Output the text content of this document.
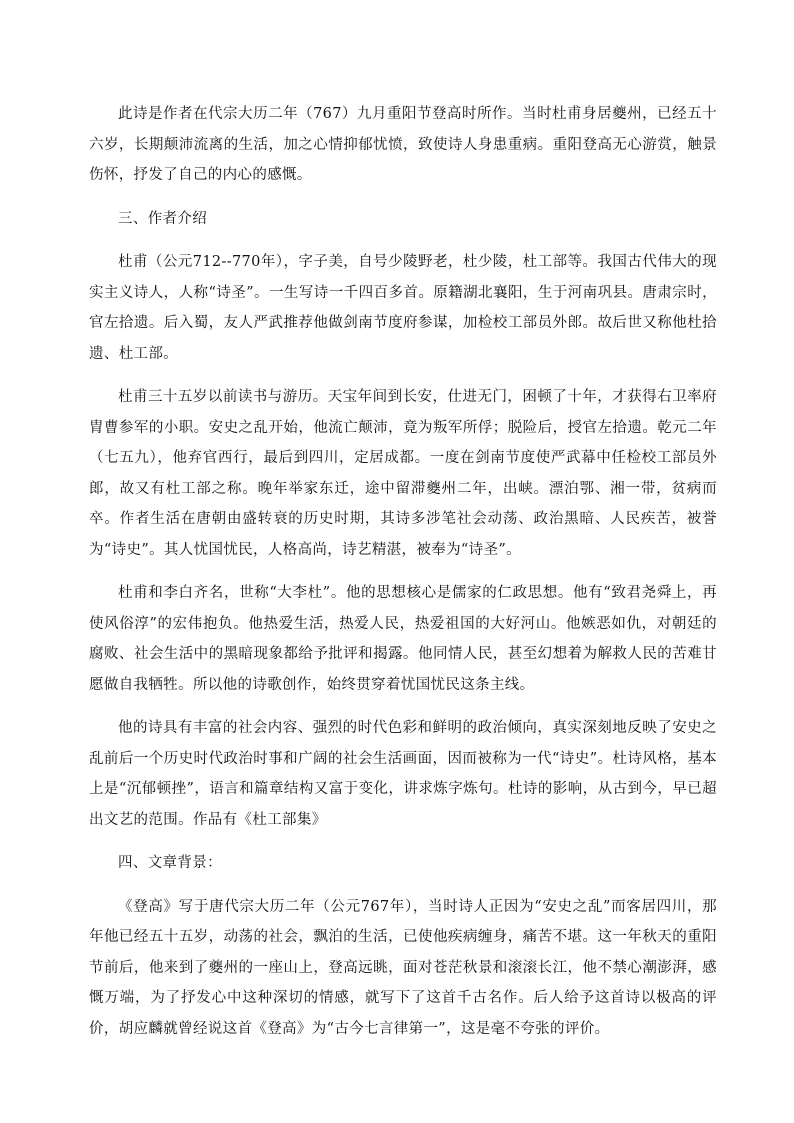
此诗是作者在代宗大历二年（767）九月重阳节登高时所作。当时杜甫身居夔州，已经五十六岁，长期颠沛流离的生活，加之心情抑郁忧愤，致使诗人身患重病。重阳登高无心游赏，触景伤怀，抒发了自己的内心的感慨。

三、作者介绍

杜甫（公元712--770年），字子美，自号少陵野老，杜少陵，杜工部等。我国古代伟大的现实主义诗人，人称“诗圣”。一生写诗一千四百多首。原籍湖北襄阳，生于河南巩县。唐肃宗时，官左拾遗。后入蜀，友人严武推荐他做剑南节度府参谋，加检校工部员外郎。故后世又称他杜拾遗、杜工部。

杜甫三十五岁以前读书与游历。天宝年间到长安，仕进无门，困顿了十年，才获得右卫率府胄曹参军的小职。安史之乱开始，他流亡颠沛，竟为叛军所俘；脱险后，授官左拾遗。乾元二年（七五九），他弃官西行，最后到四川，定居成都。一度在剑南节度使严武幕中任检校工部员外郎，故又有杜工部之称。晚年举家东迁，途中留滞夔州二年，出峡。漂泊鄂、湘一带，贫病而卒。作者生活在唐朝由盛转衰的历史时期，其诗多涉笔社会动荡、政治黑暗、人民疾苦，被誉为“诗史”。其人忧国忧民，人格高尚，诗艺精湛，被奉为“诗圣”。

杜甫和李白齐名，世称“大李杜”。他的思想核心是儒家的仁政思想。他有“致君尧舜上，再使风俗淳”的宏伟抱负。他热爱生活，热爱人民，热爱祖国的大好河山。他嫉恶如仇，对朝廷的腐败、社会生活中的黑暗现象都给予批评和揭露。他同情人民，甚至幻想着为解救人民的苦难甘愿做自我牺牲。所以他的诗歌创作，始终贯穿着忧国忧民这条主线。

他的诗具有丰富的社会内容、强烈的时代色彩和鲜明的政治倾向，真实深刻地反映了安史之乱前后一个历史时代政治时事和广阔的社会生活画面，因而被称为一代“诗史”。杜诗风格，基本上是“沉郁顿挫”，语言和篇章结构又富于变化，讲求炼字炼句。杜诗的影响，从古到今，早已超出文艺的范围。作品有《杜工部集》

四、文章背景：

《登高》写于唐代宗大历二年（公元767年），当时诗人正因为“安史之乱”而客居四川，那年他已经五十五岁，动荡的社会，飘泊的生活，已使他疾病缠身，痛苦不堪。这一年秋天的重阳节前后，他来到了夔州的一座山上，登高远眺，面对苍茫秋景和滚滚长江，他不禁心潮澎湃，感慨万端，为了抒发心中这种深切的情感，就写下了这首千古名作。后人给予这首诗以极高的评价，胡应麟就曾经说这首《登高》为“古今七言律第一”，这是毫不夸张的评价。
